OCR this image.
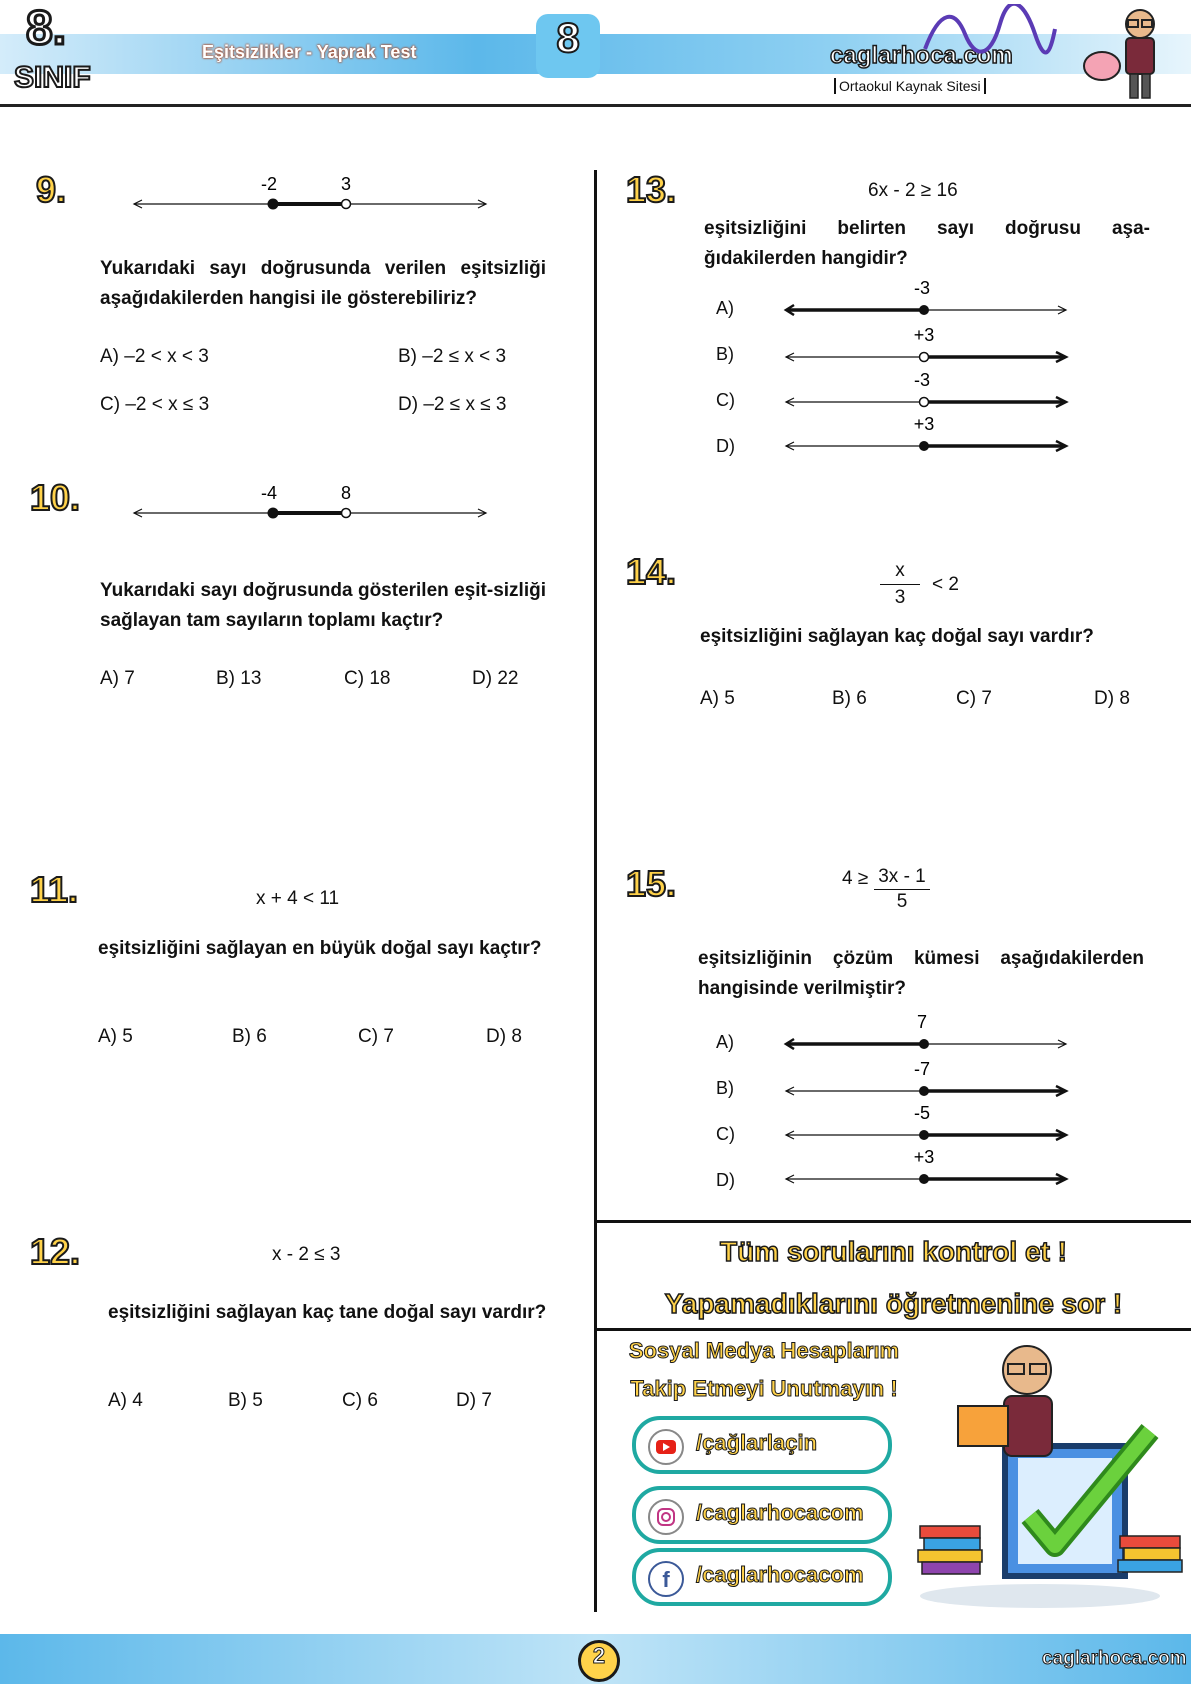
8.
SINIF
Eşitsizlikler - Yaprak Test	8	caglarhoca.com
Ortaokul Kaynak Sitesi
9.	-2	3
Yukarıdaki sayı doğrusunda verilen eşitsizliği aşağıdakilerden hangisi ile gösterebiliriz?
A) –2 < x < 3	B) –2 ≤ x < 3
C) –2 < x ≤ 3	D) –2 ≤ x ≤ 3
10.	-4	8
Yukarıdaki sayı doğrusunda gösterilen eşit-sizliği sağlayan tam sayıların toplamı kaçtır?
A) 7	B) 13	C) 18	D) 22
11.	x + 4 < 11
eşitsizliğini sağlayan en büyük doğal sayı kaçtır?
A) 5	B) 6	C) 7	D) 8
12.	x - 2 ≤ 3
eşitsizliğini sağlayan kaç tane doğal sayı vardır?
A) 4	B) 5	C) 6	D) 7
13.	6x - 2 ≥ 16
eşitsizliğini belirten sayı doğrusu aşa-ğıdakilerden hangidir?
A)
-3
B)
+3
C)
-3
D)
+3
14.	$\frac{x}{3} < 2$
eşitsizliğini sağlayan kaç doğal sayı vardır?
A) 5	B) 6	C) 7	D) 8
15.	$4 \ge \frac{3x - 1}{5}$
eşitsizliğinin çözüm kümesi aşağıdakilerden hangisinde verilmiştir?
A)
7
B)
-7
C)
-5
D)
+3
Tüm sorularını kontrol et !
Yapamadıklarını öğretmenine sor !
Sosyal Medya Hesaplarım
Takip Etmeyi Unutmayın !
/çağlarlaçin
/caglarhocacom
f /caglarhocacom
2	caglarhoca.com
